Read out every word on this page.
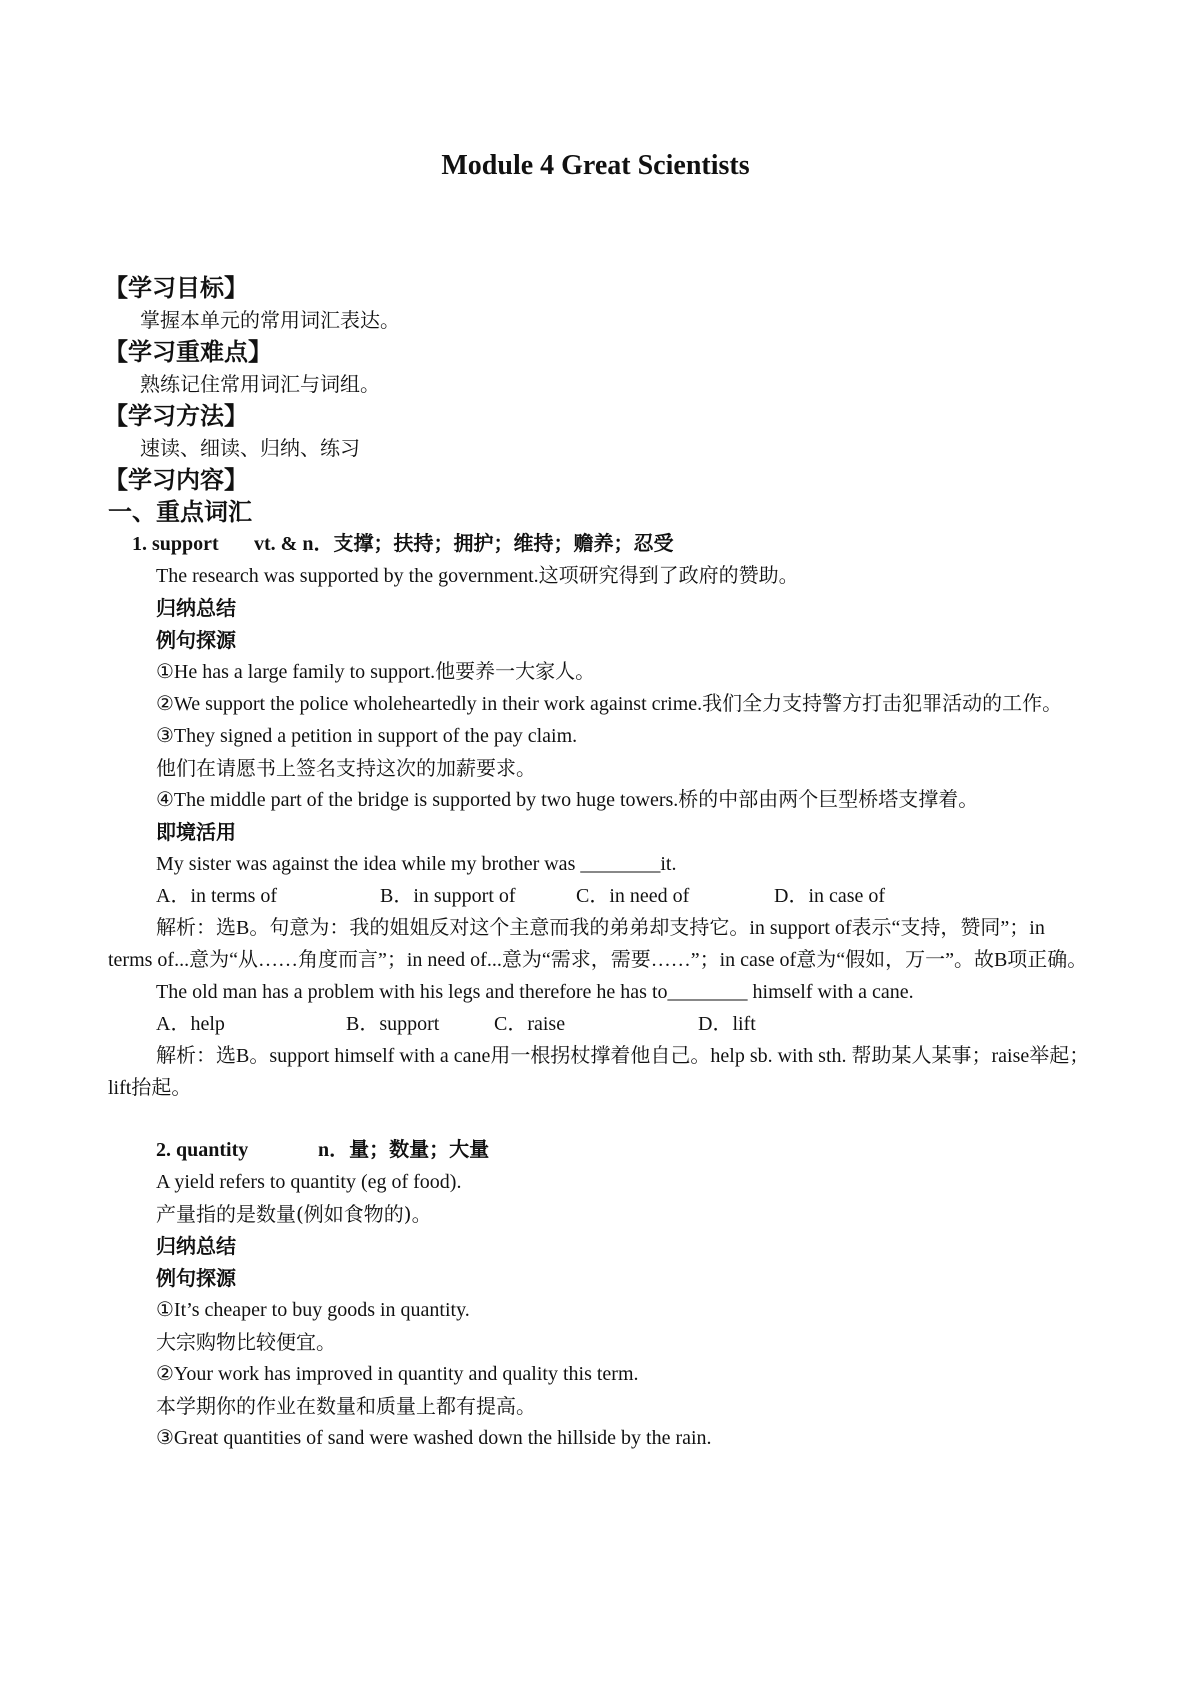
Module 4 Great Scientists
【学习目标】
掌握本单元的常用词汇表达。
【学习重难点】
熟练记住常用词汇与词组。
【学习方法】
速读、细读、归纳、练习
【学习内容】
一、重点词汇
1. support vt. & n．支撑；扶持；拥护；维持；赡养；忍受
The research was supported by the government.这项研究得到了政府的赞助。
归纳总结
例句探源
①He has a large family to support.他要养一大家人。
②We support the police wholeheartedly in their work against crime.我们全力支持警方打击犯罪活动的工作。
③They signed a petition in support of the pay claim.
他们在请愿书上签名支持这次的加薪要求。
④The middle part of the bridge is supported by two huge towers.桥的中部由两个巨型桥塔支撑着。
即境活用
My sister was against the idea while my brother was ________it.
A．in terms of	B．in support of	C．in need of	D．in case of
解析：选B。句意为：我的姐姐反对这个主意而我的弟弟却支持它。in support of表示“支持，赞同”；in terms of...意为“从……角度而言”；in need of...意为“需求，需要……”；in case of意为“假如，万一”。故B项正确。
The old man has a problem with his legs and therefore he has to________ himself with a cane.
A．help	B．support	C．raise	D．lift
解析：选B。support himself with a cane用一根拐杖撑着他自己。help sb. with sth. 帮助某人某事；raise举起；lift抬起。
2. quantity	n．量；数量；大量
A yield refers to quantity (eg of food).
产量指的是数量(例如食物的)。
归纳总结
例句探源
①It’s cheaper to buy goods in quantity.
大宗购物比较便宜。
②Your work has improved in quantity and quality this term.
本学期你的作业在数量和质量上都有提高。
③Great quantities of sand were washed down the hillside by the rain.
